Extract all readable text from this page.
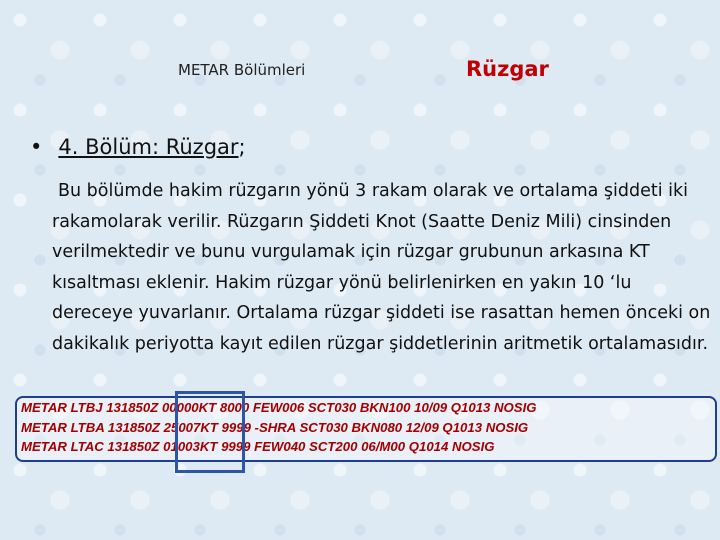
METAR Bölümleri	Rüzgar
• 4. Bölüm: Rüzgar;
Bu bölümde hakim rüzgarın yönü 3 rakam olarak ve ortalama şiddeti iki rakamolarak verilir. Rüzgarın Şiddeti Knot (Saatte Deniz Mili) cinsinden verilmektedir ve bunu vurgulamak için rüzgar grubunun arkasına KT kısaltması eklenir. Hakim rüzgar yönü belirlenirken en yakın 10 ‘lu dereceye yuvarlanır. Ortalama rüzgar şiddeti ise rasattan hemen önceki on dakikalık periyotta kayıt edilen rüzgar şiddetlerinin aritmetik ortalamasıdır.
METAR LTBJ 131850Z 00000KT 8000 FEW006 SCT030 BKN100 10/09 Q1013 NOSIG
METAR LTBA 131850Z 25007KT 9999 -SHRA SCT030 BKN080 12/09 Q1013 NOSIG
METAR LTAC 131850Z 01003KT 9999 FEW040 SCT200 06/M00 Q1014 NOSIG
